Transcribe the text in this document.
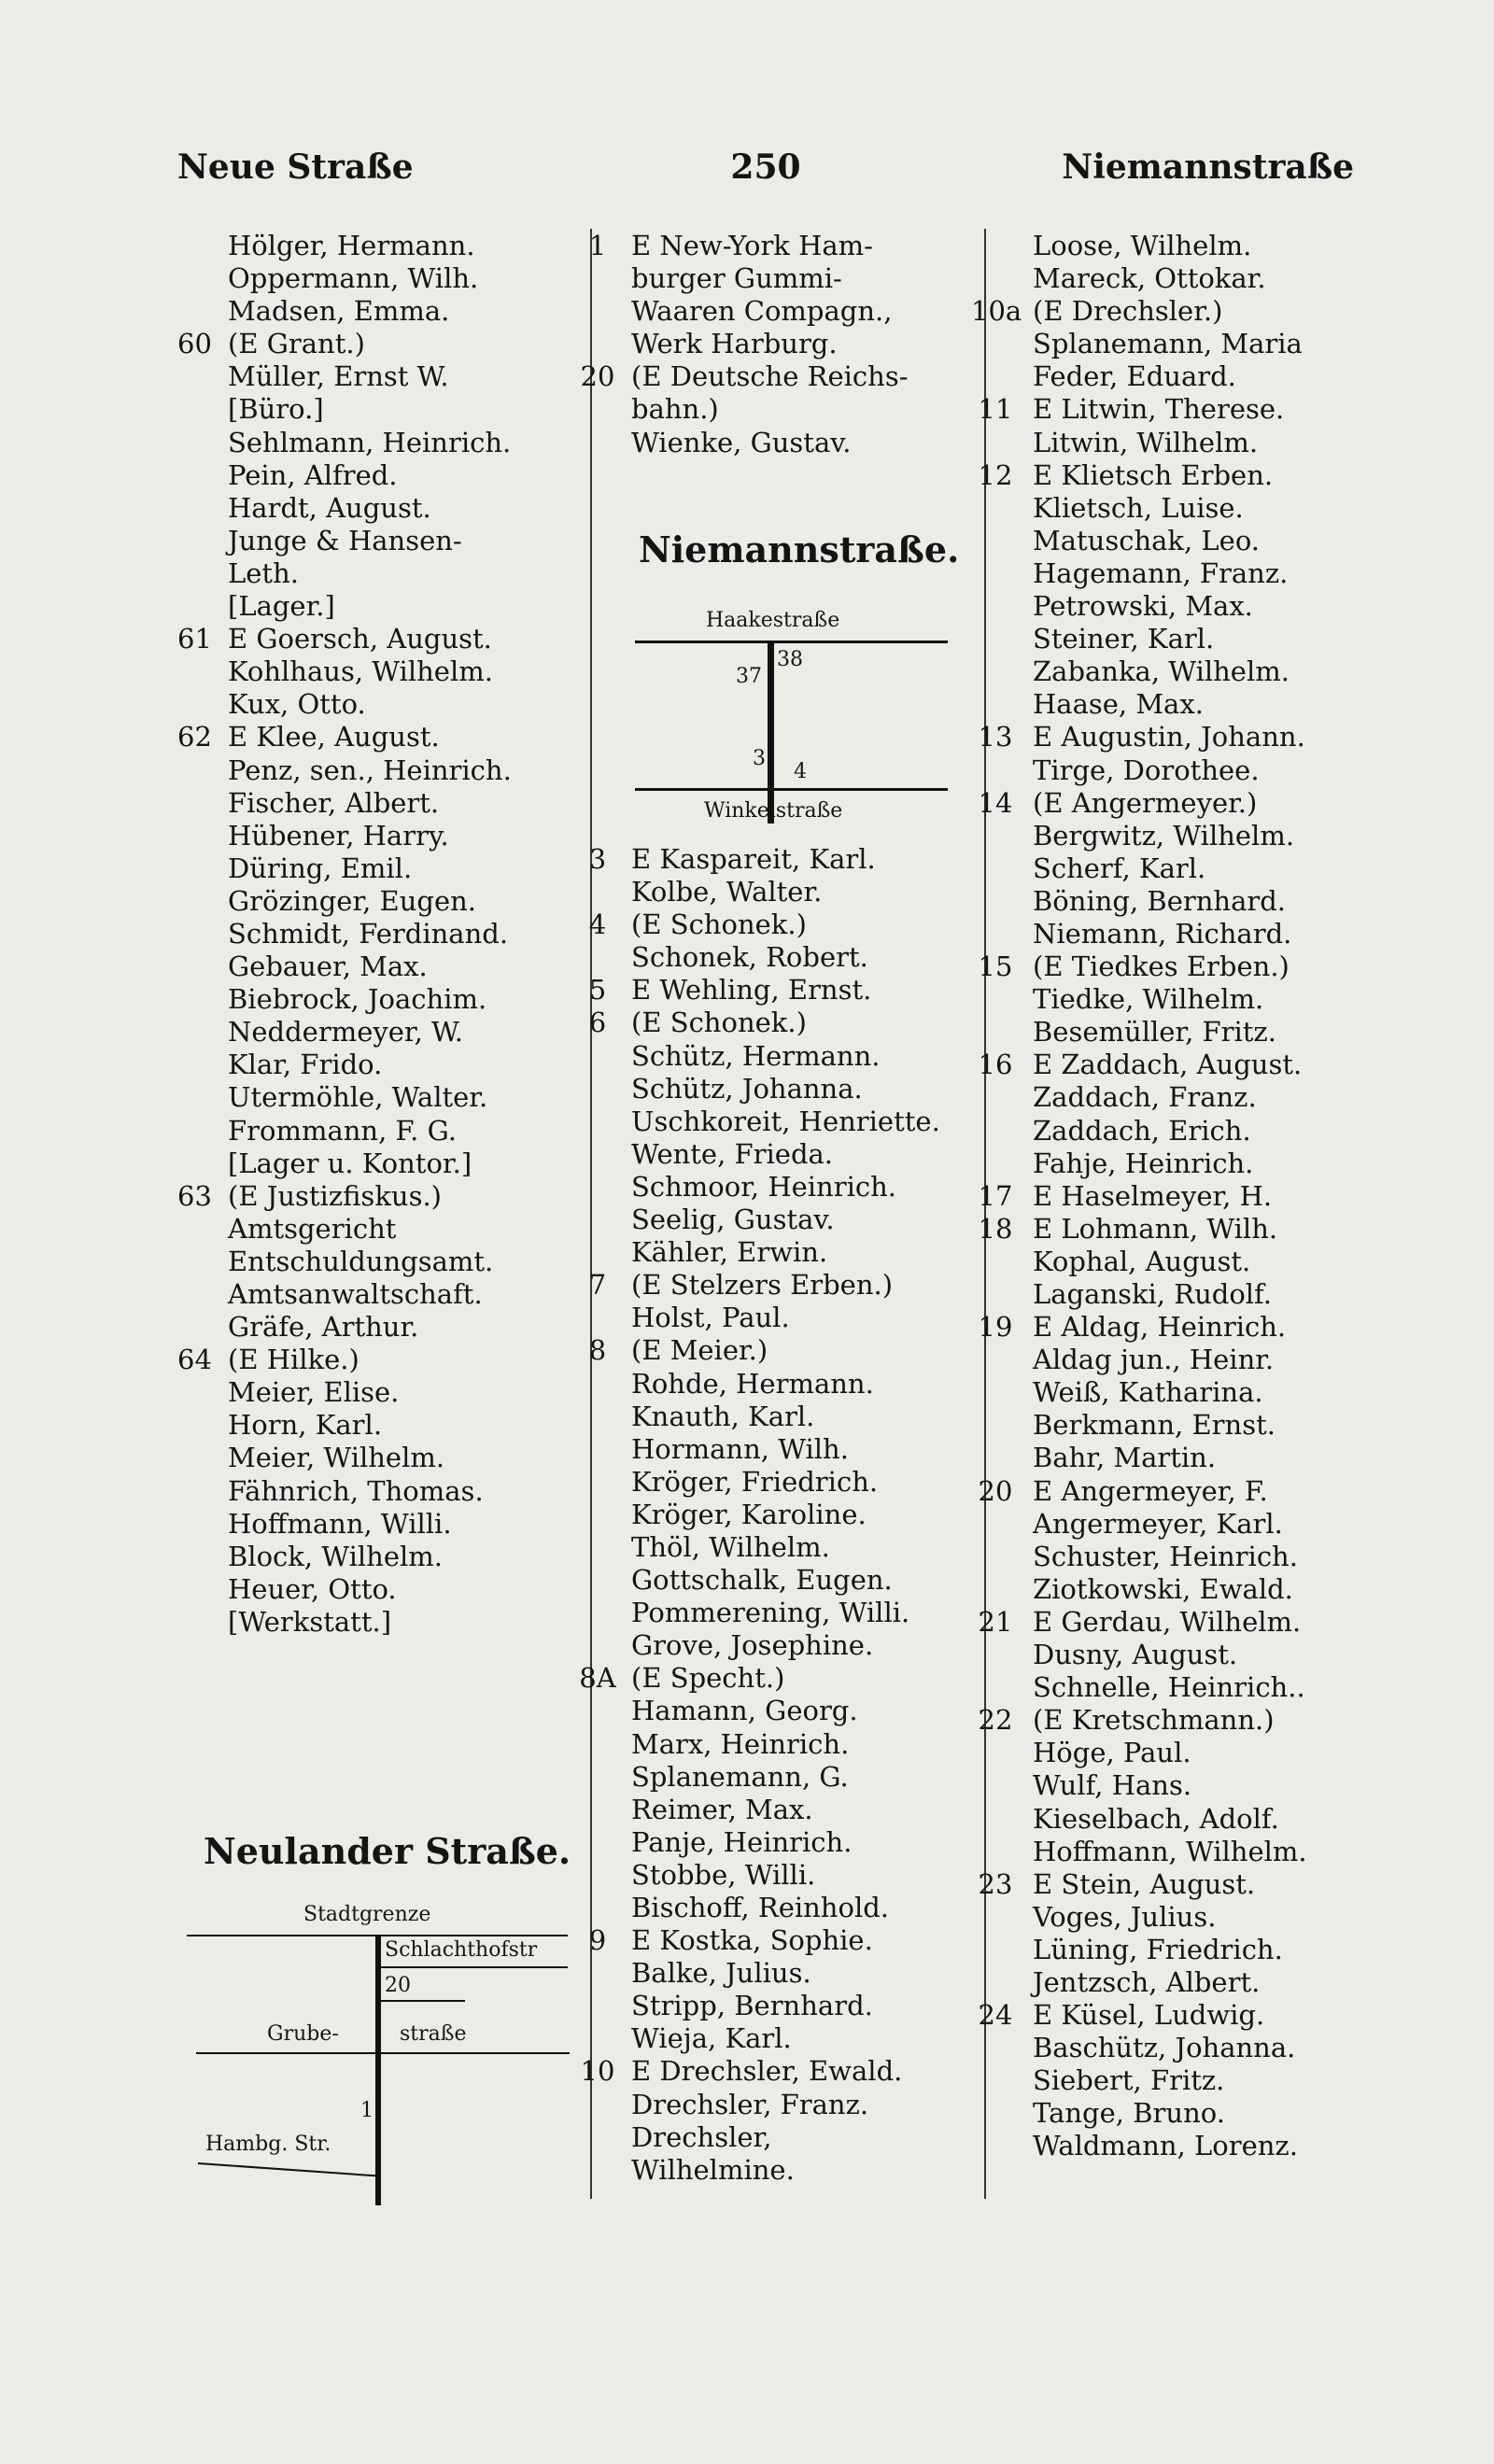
Neue Straße	250	Niemannstraße
Hölger, Hermann.
Oppermann, Wilh.
Madsen, Emma.
60 (E Grant.)
Müller, Ernst W.
[Büro.]
Sehlmann, Heinrich.
Pein, Alfred.
Hardt, August.
Junge & Hansen-
Leth.
[Lager.]
61 E Goersch, August.
Kohlhaus, Wilhelm.
Kux, Otto.
62 E Klee, August.
Penz, sen., Heinrich.
Fischer, Albert.
Hübener, Harry.
Düring, Emil.
Grözinger, Eugen.
Schmidt, Ferdinand.
Gebauer, Max.
Biebrock, Joachim.
Neddermeyer, W.
Klar, Frido.
Utermöhle, Walter.
Frommann, F. G.
[Lager u. Kontor.]
63 (E Justizfiskus.)
Amtsgericht
Entschuldungsamt.
Amtsanwaltschaft.
Gräfe, Arthur.
64 (E Hilke.)
Meier, Elise.
Horn, Karl.
Meier, Wilhelm.
Fähnrich, Thomas.
Hoffmann, Willi.
Block, Wilhelm.
Heuer, Otto.
[Werkstatt.]
Neulander Straße.
Stadtgrenze
Schlachthofstr
20
Grube-	straße
1
Hambg. Str.
1 E New-York Ham-
burger Gummi-
Waaren Compagn.,
Werk Harburg.
20 (E Deutsche Reichs-
bahn.)
Wienke, Gustav.
Niemannstraße.
Haakestraße
38
37
3
4
Winkelstraße
3 E Kaspareit, Karl.
Kolbe, Walter.
4 (E Schonek.)
Schonek, Robert.
5 E Wehling, Ernst.
6 (E Schonek.)
Schütz, Hermann.
Schütz, Johanna.
Uschkoreit, Henriette.
Wente, Frieda.
Schmoor, Heinrich.
Seelig, Gustav.
Kähler, Erwin.
7 (E Stelzers Erben.)
Holst, Paul.
8 (E Meier.)
Rohde, Hermann.
Knauth, Karl.
Hormann, Wilh.
Kröger, Friedrich.
Kröger, Karoline.
Thöl, Wilhelm.
Gottschalk, Eugen.
Pommerening, Willi.
Grove, Josephine.
8A (E Specht.)
Hamann, Georg.
Marx, Heinrich.
Splanemann, G.
Reimer, Max.
Panje, Heinrich.
Stobbe, Willi.
Bischoff, Reinhold.
9 E Kostka, Sophie.
Balke, Julius.
Stripp, Bernhard.
Wieja, Karl.
10 E Drechsler, Ewald.
Drechsler, Franz.
Drechsler,
Wilhelmine.
Loose, Wilhelm.
Mareck, Ottokar.
10a (E Drechsler.)
Splanemann, Maria
Feder, Eduard.
11 E Litwin, Therese.
Litwin, Wilhelm.
12 E Klietsch Erben.
Klietsch, Luise.
Matuschak, Leo.
Hagemann, Franz.
Petrowski, Max.
Steiner, Karl.
Zabanka, Wilhelm.
Haase, Max.
13 E Augustin, Johann.
Tirge, Dorothee.
14 (E Angermeyer.)
Bergwitz, Wilhelm.
Scherf, Karl.
Böning, Bernhard.
Niemann, Richard.
15 (E Tiedkes Erben.)
Tiedke, Wilhelm.
Besemüller, Fritz.
16 E Zaddach, August.
Zaddach, Franz.
Zaddach, Erich.
Fahje, Heinrich.
17 E Haselmeyer, H.
18 E Lohmann, Wilh.
Kophal, August.
Laganski, Rudolf.
19 E Aldag, Heinrich.
Aldag jun., Heinr.
Weiß, Katharina.
Berkmann, Ernst.
Bahr, Martin.
20 E Angermeyer, F.
Angermeyer, Karl.
Schuster, Heinrich.
Ziotkowski, Ewald.
21 E Gerdau, Wilhelm.
Dusny, August.
Schnelle, Heinrich..
22 (E Kretschmann.)
Höge, Paul.
Wulf, Hans.
Kieselbach, Adolf.
Hoffmann, Wilhelm.
23 E Stein, August.
Voges, Julius.
Lüning, Friedrich.
Jentzsch, Albert.
24 E Küsel, Ludwig.
Baschütz, Johanna.
Siebert, Fritz.
Tange, Bruno.
Waldmann, Lorenz.
